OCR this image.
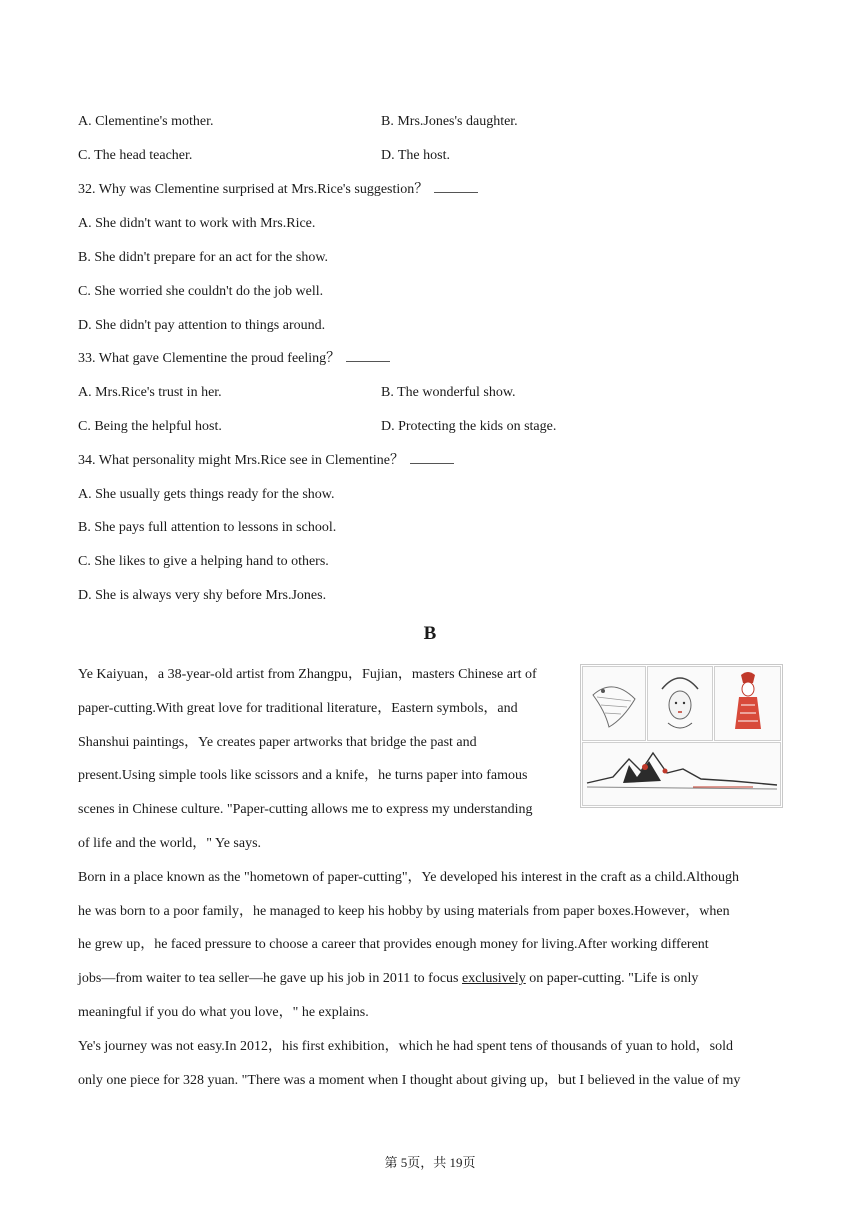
A. Clementine's mother.	B. Mrs.Jones's daughter.
C. The head teacher.	D. The host.
32. Why was Clementine surprised at Mrs.Rice's suggestion？
A. She didn't want to work with Mrs.Rice.
B. She didn't prepare for an act for the show.
C. She worried she couldn't do the job well.
D. She didn't pay attention to things around.
33. What gave Clementine the proud feeling？
A. Mrs.Rice's trust in her.	B. The wonderful show.
C. Being the helpful host.	D. Protecting the kids on stage.
34. What personality might Mrs.Rice see in Clementine？
A. She usually gets things ready for the show.
B. She pays full attention to lessons in school.
C. She likes to give a helping hand to others.
D. She is always very shy before Mrs.Jones.
B
Ye Kaiyuan，a 38-year-old artist from Zhangpu，Fujian，masters Chinese art of
paper-cutting.With great love for traditional literature，Eastern symbols，and
Shanshui paintings，Ye creates paper artworks that bridge the past and
present.Using simple tools like scissors and a knife，he turns paper into famous
scenes in Chinese culture. "Paper-cutting allows me to express my understanding
of life and the world，" Ye says.
Born in a place known as the "hometown of paper-cutting"，Ye developed his interest in the craft as a child.Although
he was born to a poor family，he managed to keep his hobby by using materials from paper boxes.However，when
he grew up，he faced pressure to choose a career that provides enough money for living.After working different
jobs—from waiter to tea seller—he gave up his job in 2011 to focus exclusively on paper-cutting. "Life is only
meaningful if you do what you love，" he explains.
Ye's journey was not easy.In 2012，his first exhibition，which he had spent tens of thousands of yuan to hold，sold
only one piece for 328 yuan. "There was a moment when I thought about giving up，but I believed in the value of my
第 5页，共 19页
